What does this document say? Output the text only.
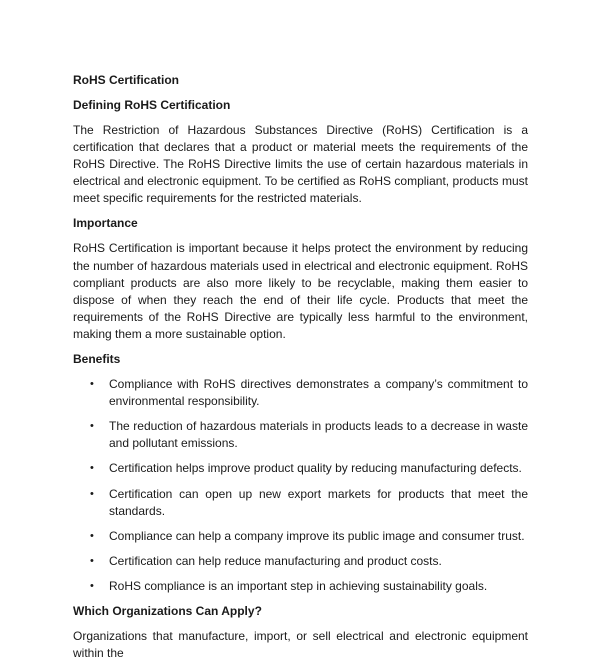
RoHS Certification
Defining RoHS Certification

The Restriction of Hazardous Substances Directive (RoHS) Certification is a certification that declares that a product or material meets the requirements of the RoHS Directive. The RoHS Directive limits the use of certain hazardous materials in electrical and electronic equipment. To be certified as RoHS compliant, products must meet specific requirements for the restricted materials.

Importance

RoHS Certification is important because it helps protect the environment by reducing the number of hazardous materials used in electrical and electronic equipment. RoHS compliant products are also more likely to be recyclable, making them easier to dispose of when they reach the end of their life cycle. Products that meet the requirements of the RoHS Directive are typically less harmful to the environment, making them a more sustainable option.

Benefits
• Compliance with RoHS directives demonstrates a company’s commitment to environmental responsibility.
• The reduction of hazardous materials in products leads to a decrease in waste and pollutant emissions.
• Certification helps improve product quality by reducing manufacturing defects.
• Certification can open up new export markets for products that meet the standards.
• Compliance can help a company improve its public image and consumer trust.
• Certification can help reduce manufacturing and product costs.
• RoHS compliance is an important step in achieving sustainability goals.
Which Organizations Can Apply?

Organizations that manufacture, import, or sell electrical and electronic equipment within the
